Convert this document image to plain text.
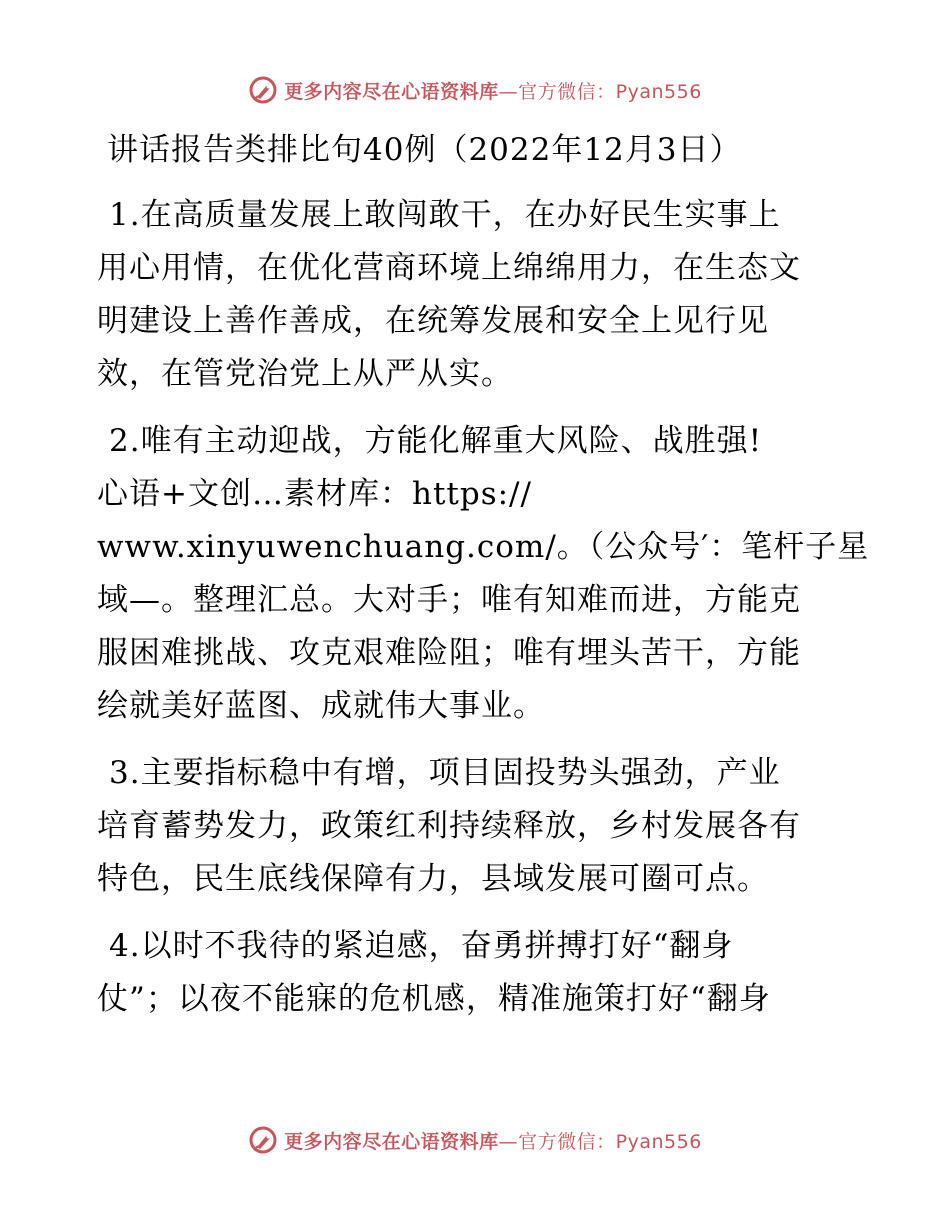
更多内容尽在心语资料库—官方微信：Pyan556
讲话报告类排比句40例（2022年12月3日）
1.在高质量发展上敢闯敢干，在办好民生实事上
用心用情，在优化营商环境上绵绵用力，在生态文
明建设上善作善成，在统筹发展和安全上见行见
效，在管党治党上从严从实。
2.唯有主动迎战，方能化解重大风险、战胜强!
心语+文创…素材库：https://
www.xinyuwenchuang.com/。（公众号′：笔杆子星
域—。整理汇总。大对手；唯有知难而进，方能克
服困难挑战、攻克艰难险阻；唯有埋头苦干，方能
绘就美好蓝图、成就伟大事业。
3.主要指标稳中有增，项目固投势头强劲，产业
培育蓄势发力，政策红利持续释放，乡村发展各有
特色，民生底线保障有力，县域发展可圈可点。
4.以时不我待的紧迫感，奋勇拼搏打好“翻身
仗”；以夜不能寐的危机感，精准施策打好“翻身
更多内容尽在心语资料库—官方微信：Pyan556
